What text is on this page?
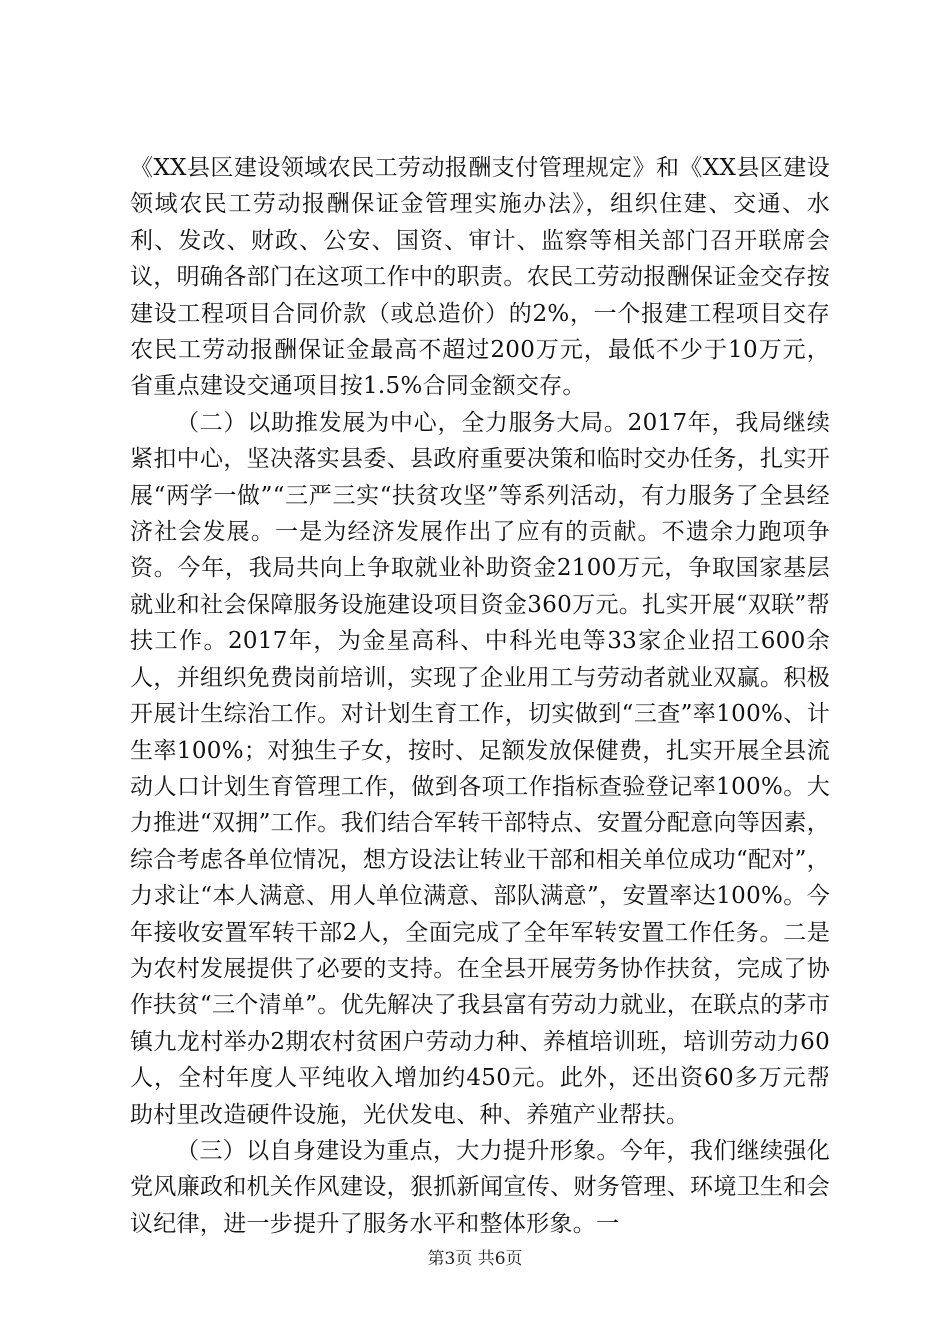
《XX县区建设领域农民工劳动报酬支付管理规定》和《XX县区建设领域农民工劳动报酬保证金管理实施办法》，组织住建、交通、水利、发改、财政、公安、国资、审计、监察等相关部门召开联席会议，明确各部门在这项工作中的职责。农民工劳动报酬保证金交存按建设工程项目合同价款（或总造价）的2%，一个报建工程项目交存农民工劳动报酬保证金最高不超过200万元，最低不少于10万元，省重点建设交通项目按1.5%合同金额交存。

（二）以助推发展为中心，全力服务大局。2017年，我局继续紧扣中心，坚决落实县委、县政府重要决策和临时交办任务，扎实开展“两学一做”“三严三实“扶贫攻坚”等系列活动，有力服务了全县经济社会发展。一是为经济发展作出了应有的贡献。不遗余力跑项争资。今年，我局共向上争取就业补助资金2100万元，争取国家基层就业和社会保障服务设施建设项目资金360万元。扎实开展“双联”帮扶工作。2017年，为金星高科、中科光电等33家企业招工600余人，并组织免费岗前培训，实现了企业用工与劳动者就业双赢。积极开展计生综治工作。对计划生育工作，切实做到“三查”率100%、计生率100%；对独生子女，按时、足额发放保健费，扎实开展全县流动人口计划生育管理工作，做到各项工作指标查验登记率100%。大力推进“双拥”工作。我们结合军转干部特点、安置分配意向等因素，综合考虑各单位情况，想方设法让转业干部和相关单位成功“配对”，力求让“本人满意、用人单位满意、部队满意”，安置率达100%。今年接收安置军转干部2人，全面完成了全年军转安置工作任务。二是为农村发展提供了必要的支持。在全县开展劳务协作扶贫，完成了协作扶贫“三个清单”。优先解决了我县富有劳动力就业，在联点的茅市镇九龙村举办2期农村贫困户劳动力种、养植培训班，培训劳动力60人，全村年度人平纯收入增加约450元。此外，还出资60多万元帮助村里改造硬件设施，光伏发电、种、养殖产业帮扶。

（三）以自身建设为重点，大力提升形象。今年，我们继续强化党风廉政和机关作风建设，狠抓新闻宣传、财务管理、环境卫生和会议纪律，进一步提升了服务水平和整体形象。一

第3页 共6页
